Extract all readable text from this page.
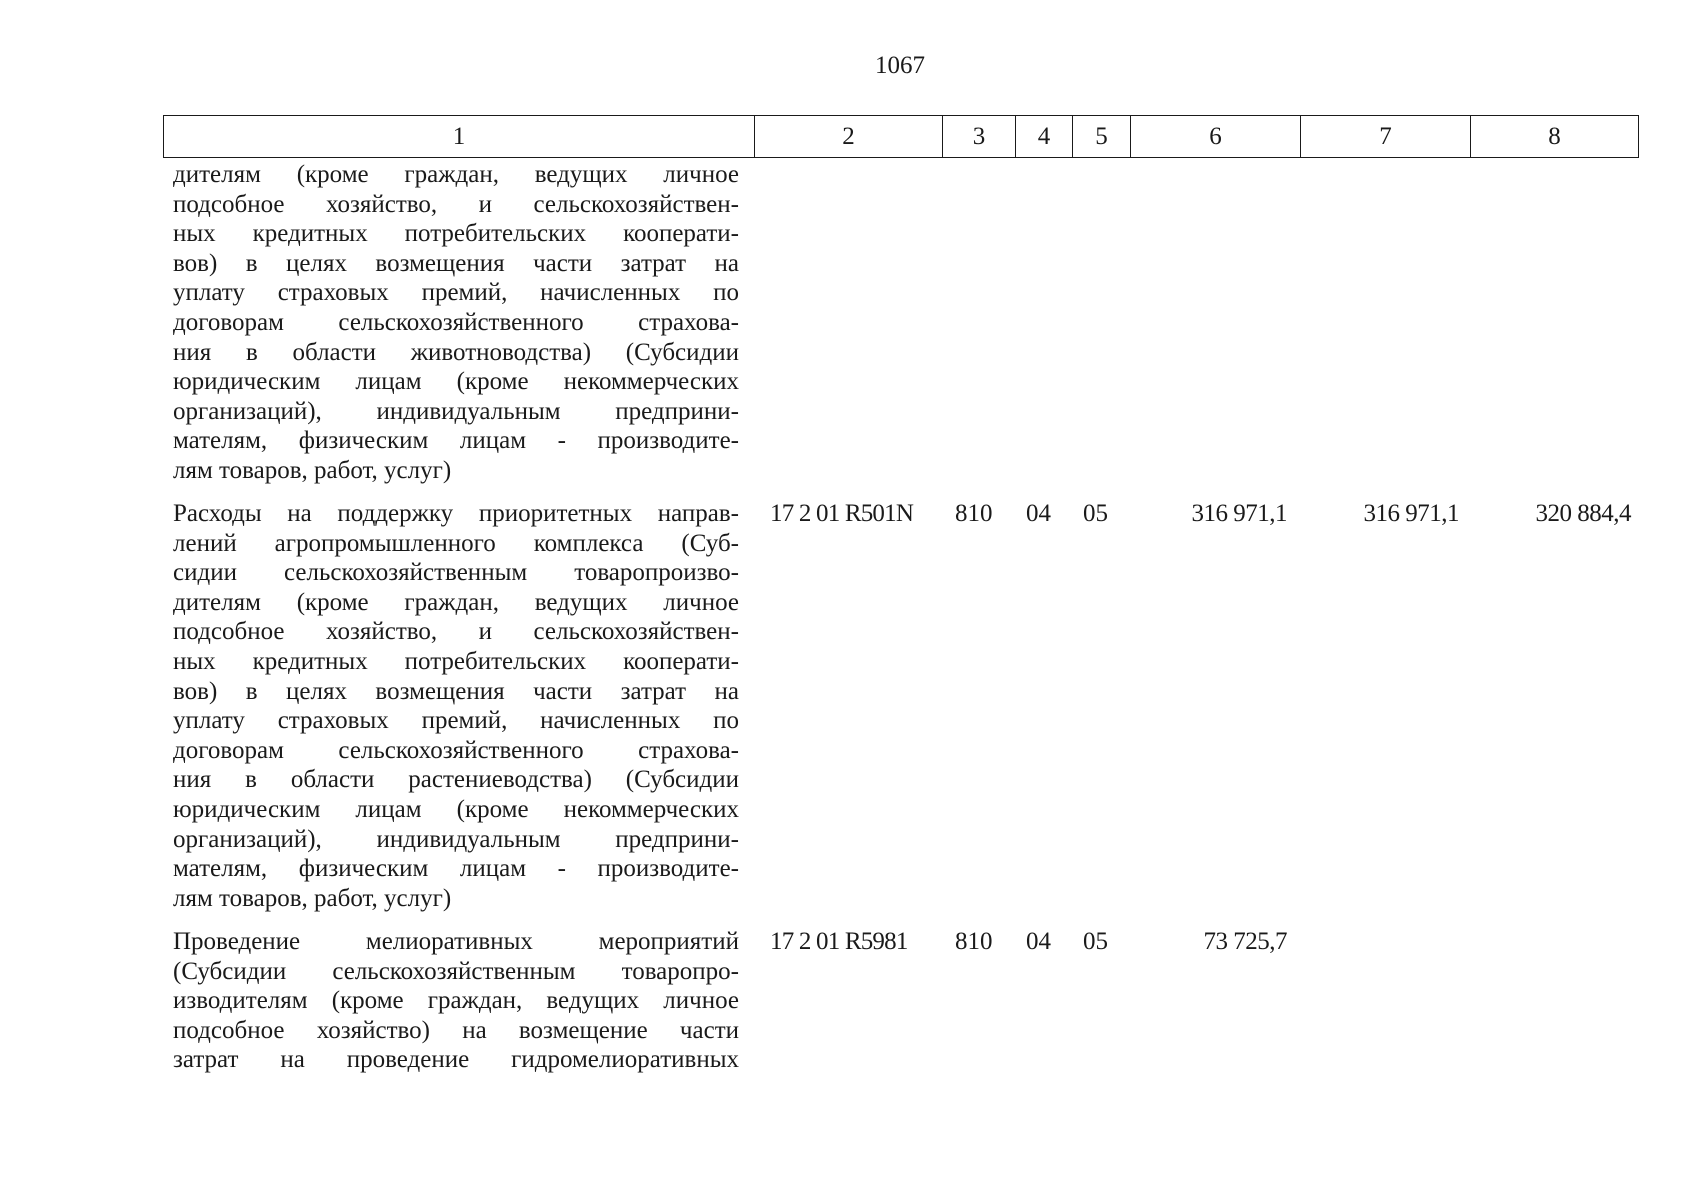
1067
1	2	3	4	5	6	7	8
дителям (кроме граждан, ведущих личное
подсобное хозяйство, и сельскохозяйствен-
ных кредитных потребительских кооперати-
вов) в целях возмещения части затрат на
уплату страховых премий, начисленных по
договорам сельскохозяйственного страхова-
ния в области животноводства) (Субсидии
юридическим лицам (кроме некоммерческих
организаций), индивидуальным предприни-
мателям, физическим лицам - производите-
лям товаров, работ, услуг)
Расходы на поддержку приоритетных направ-
лений агропромышленного комплекса (Суб-
сидии сельскохозяйственным товаропроизво-
дителям (кроме граждан, ведущих личное
подсобное хозяйство, и сельскохозяйствен-
ных кредитных потребительских кооперати-
вов) в целях возмещения части затрат на
уплату страховых премий, начисленных по
договорам сельскохозяйственного страхова-
ния в области растениеводства) (Субсидии
юридическим лицам (кроме некоммерческих
организаций), индивидуальным предприни-
мателям, физическим лицам - производите-
лям товаров, работ, услуг)
17 2 01 R501N 810 04 05	316 971,1	316 971,1	320 884,4
Проведение мелиоративных мероприятий
(Субсидии сельскохозяйственным товаропро-
изводителям (кроме граждан, ведущих личное
подсобное хозяйство) на возмещение части
затрат на проведение гидромелиоративных
17 2 01 R5981 810 04 05	73 725,7
